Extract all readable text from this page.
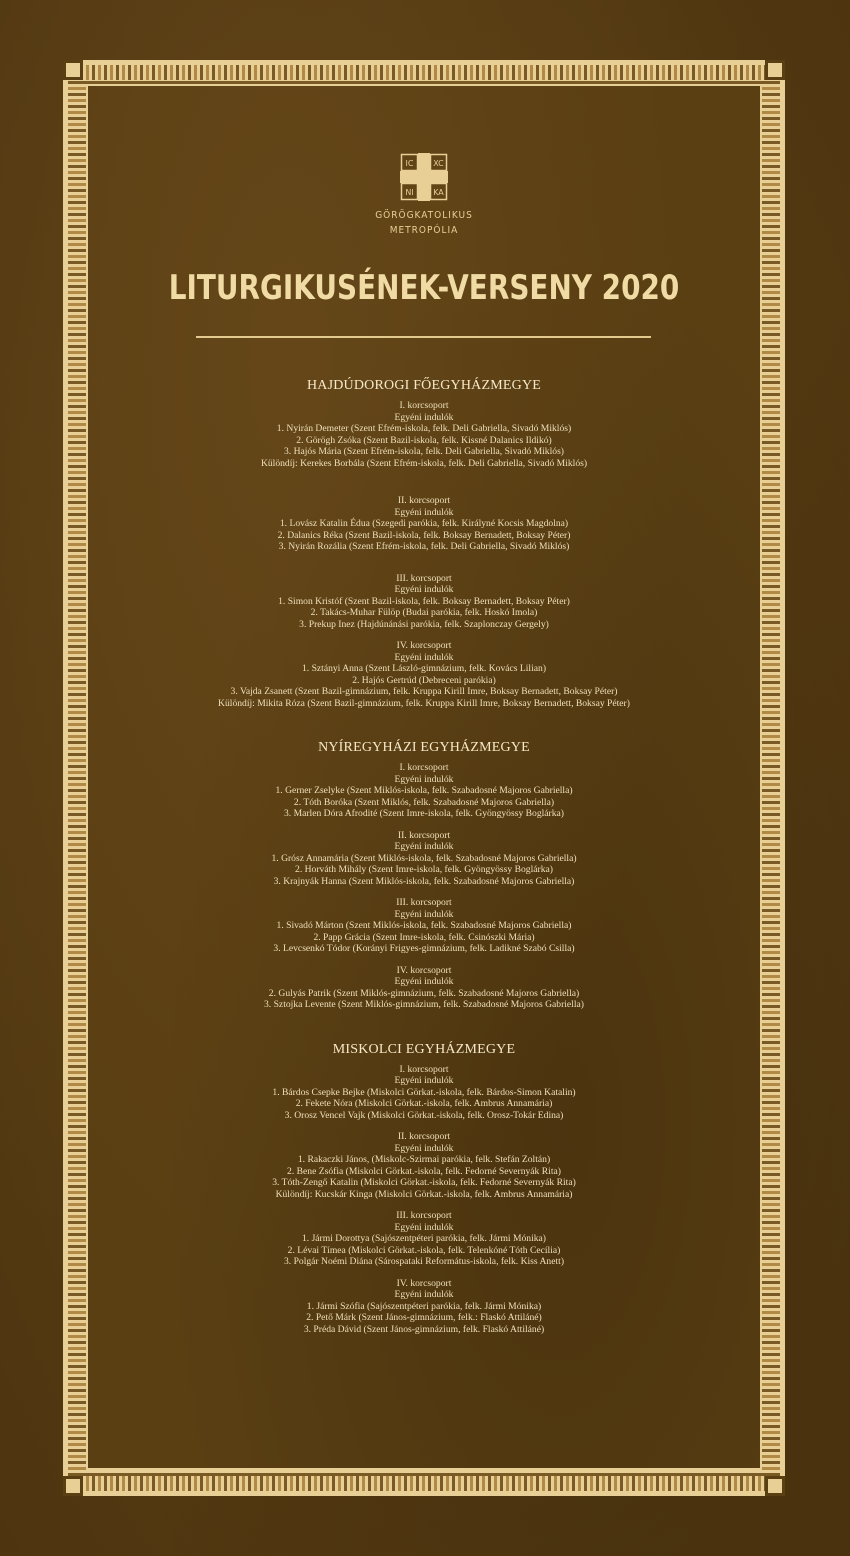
IC XC
NI KA
GÖRÖGKATOLIKUS
METROPÓLIA
LITURGIKUSÉNEK-VERSENY 2020
HAJDÚDOROGI FŐEGYHÁZMEGYE
I. korcsoport
Egyéni indulók
1. Nyirán Demeter (Szent Efrém-iskola, felk. Deli Gabriella, Sivadó Miklós)
2. Görögh Zsóka (Szent Bazil-iskola, felk. Kissné Dalanics Ildikó)
3. Hajós Mária (Szent Efrém-iskola, felk. Deli Gabriella, Sivadó Miklós)
Különdíj: Kerekes Borbála (Szent Efrém-iskola, felk. Deli Gabriella, Sivadó Miklós)
II. korcsoport
Egyéni indulók
1. Lovász Katalin Édua (Szegedi parókia, felk. Királyné Kocsis Magdolna)
2. Dalanics Réka (Szent Bazil-iskola, felk. Boksay Bernadett, Boksay Péter)
3. Nyirán Rozália (Szent Efrém-iskola, felk. Deli Gabriella, Sivadó Miklós)
III. korcsoport
Egyéni indulók
1. Simon Kristóf (Szent Bazil-iskola, felk. Boksay Bernadett, Boksay Péter)
2. Takács-Muhar Fülöp (Budai parókia, felk. Hoskó Imola)
3. Prekup Inez (Hajdúnánási parókia, felk. Szaplonczay Gergely)
IV. korcsoport
Egyéni indulók
1. Sztányi Anna (Szent László-gimnázium, felk. Kovács Lilian)
2. Hajós Gertrúd (Debreceni parókia)
3. Vajda Zsanett (Szent Bazil-gimnázium, felk. Kruppa Kirill Imre, Boksay Bernadett, Boksay Péter)
Különdíj: Mikita Róza (Szent Bazil-gimnázium, felk. Kruppa Kirill Imre, Boksay Bernadett, Boksay Péter)
NYÍREGYHÁZI EGYHÁZMEGYE
I. korcsoport
Egyéni indulók
1. Gerner Zselyke (Szent Miklós-iskola, felk. Szabadosné Majoros Gabriella)
2. Tóth Boróka (Szent Miklós, felk. Szabadosné Majoros Gabriella)
3. Marlen Dóra Afrodité (Szent Imre-iskola, felk. Gyöngyössy Boglárka)
II. korcsoport
Egyéni indulók
1. Grósz Annamária (Szent Miklós-iskola, felk. Szabadosné Majoros Gabriella)
2. Horváth Mihály (Szent Imre-iskola, felk. Gyöngyössy Boglárka)
3. Krajnyák Hanna (Szent Miklós-iskola, felk. Szabadosné Majoros Gabriella)
III. korcsoport
Egyéni indulók
1. Sivadó Márton (Szent Miklós-iskola, felk. Szabadosné Majoros Gabriella)
2. Papp Grácia (Szent Imre-iskola, felk. Csinószki Mária)
3. Levcsenkó Tódor (Korányi Frigyes-gimnázium, felk. Ladikné Szabó Csilla)
IV. korcsoport
Egyéni indulók
2. Gulyás Patrik (Szent Miklós-gimnázium, felk. Szabadosné Majoros Gabriella)
3. Sztojka Levente (Szent Miklós-gimnázium, felk. Szabadosné Majoros Gabriella)
MISKOLCI EGYHÁZMEGYE
I. korcsoport
Egyéni indulók
1. Bárdos Csepke Bejke (Miskolci Görkat.-iskola, felk. Bárdos-Simon Katalin)
2. Fekete Nóra (Miskolci Görkat.-iskola, felk. Ambrus Annamária)
3. Orosz Vencel Vajk (Miskolci Görkat.-iskola, felk. Orosz-Tokár Edina)
II. korcsoport
Egyéni indulók
1. Rakaczki János, (Miskolc-Szirmai parókia, felk. Stefán Zoltán)
2. Bene Zsófia (Miskolci Görkat.-iskola, felk. Fedorné Severnyák Rita)
3. Tóth-Zengő Katalin (Miskolci Görkat.-iskola, felk. Fedorné Severnyák Rita)
Különdíj: Kucskár Kinga (Miskolci Görkat.-iskola, felk. Ambrus Annamária)
III. korcsoport
Egyéni indulók
1. Jármi Dorottya (Sajószentpéteri parókia, felk. Jármi Mónika)
2. Lévai Tímea (Miskolci Görkat.-iskola, felk. Telenkóné Tóth Cecília)
3. Polgár Noémi Diána (Sárospataki Református-iskola, felk. Kiss Anett)
IV. korcsoport
Egyéni indulók
1. Jármi Szófia (Sajószentpéteri parókia, felk. Jármi Mónika)
2. Pető Márk (Szent János-gimnázium, felk.: Flaskó Attiláné)
3. Préda Dávid (Szent János-gimnázium, felk. Flaskó Attiláné)
